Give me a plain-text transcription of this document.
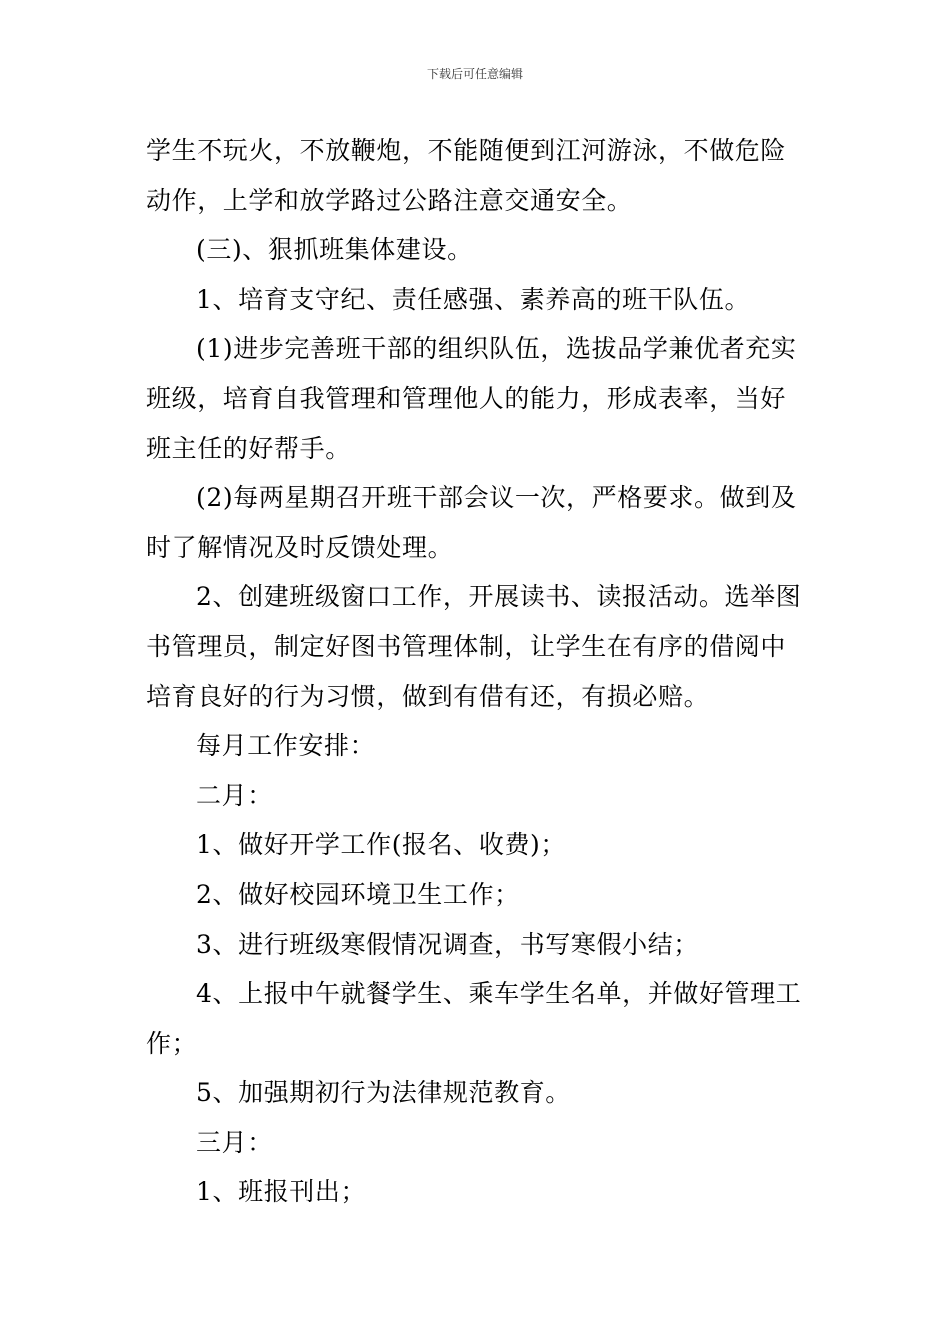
下载后可任意编辑
学生不玩火，不放鞭炮，不能随便到江河游泳，不做危险
动作，上学和放学路过公路注意交通安全。
(三)、狠抓班集体建设。
1、培育支守纪、责任感强、素养高的班干队伍。
(1)进步完善班干部的组织队伍，选拔品学兼优者充实
班级，培育自我管理和管理他人的能力，形成表率，当好
班主任的好帮手。
(2)每两星期召开班干部会议一次，严格要求。做到及
时了解情况及时反馈处理。
2、创建班级窗口工作，开展读书、读报活动。选举图
书管理员，制定好图书管理体制，让学生在有序的借阅中
培育良好的行为习惯，做到有借有还，有损必赔。
每月工作安排：
二月：
1、做好开学工作(报名、收费)；
2、做好校园环境卫生工作；
3、进行班级寒假情况调查，书写寒假小结；
4、上报中午就餐学生、乘车学生名单，并做好管理工
作；
5、加强期初行为法律规范教育。
三月：
1、班报刊出；
